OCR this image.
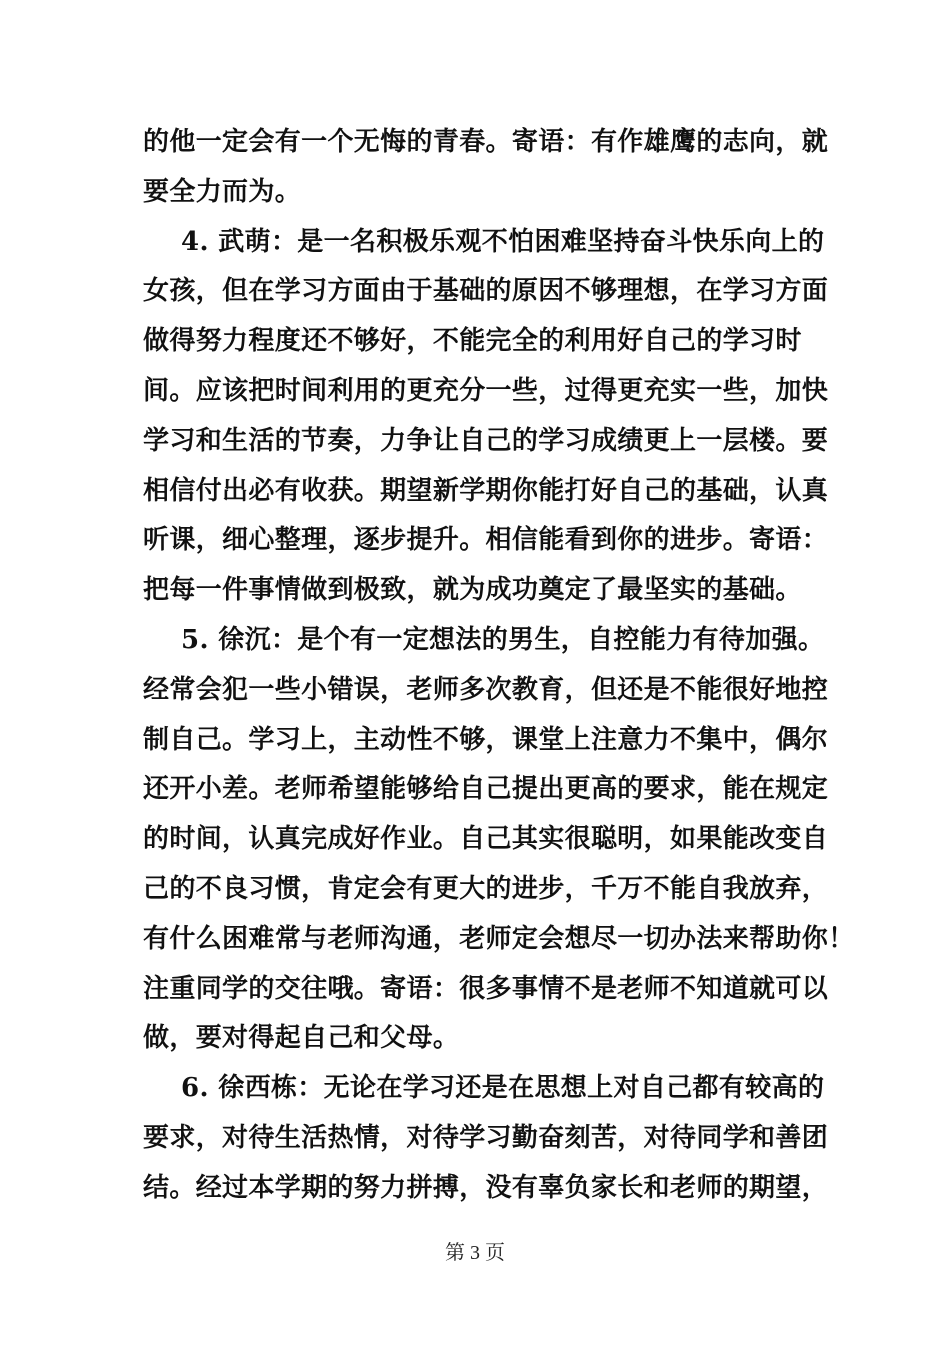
的他一定会有一个无悔的青春。寄语：有作雄鹰的志向，就
要全力而为。
4. 武萌：是一名积极乐观不怕困难坚持奋斗快乐向上的
女孩，但在学习方面由于基础的原因不够理想，在学习方面
做得努力程度还不够好，不能完全的利用好自己的学习时
间。应该把时间利用的更充分一些，过得更充实一些，加快
学习和生活的节奏，力争让自己的学习成绩更上一层楼。要
相信付出必有收获。期望新学期你能打好自己的基础，认真
听课，细心整理，逐步提升。相信能看到你的进步。寄语：
把每一件事情做到极致，就为成功奠定了最坚实的基础。
5. 徐沉：是个有一定想法的男生，自控能力有待加强。
经常会犯一些小错误，老师多次教育，但还是不能很好地控
制自己。学习上，主动性不够，课堂上注意力不集中，偶尔
还开小差。老师希望能够给自己提出更高的要求，能在规定
的时间，认真完成好作业。自己其实很聪明，如果能改变自
己的不良习惯，肯定会有更大的进步，千万不能自我放弃，
有什么困难常与老师沟通，老师定会想尽一切办法来帮助你！
注重同学的交往哦。寄语：很多事情不是老师不知道就可以
做，要对得起自己和父母。
6. 徐西栋：无论在学习还是在思想上对自己都有较高的
要求，对待生活热情，对待学习勤奋刻苦，对待同学和善团
结。经过本学期的努力拼搏，没有辜负家长和老师的期望，
第 3 页
